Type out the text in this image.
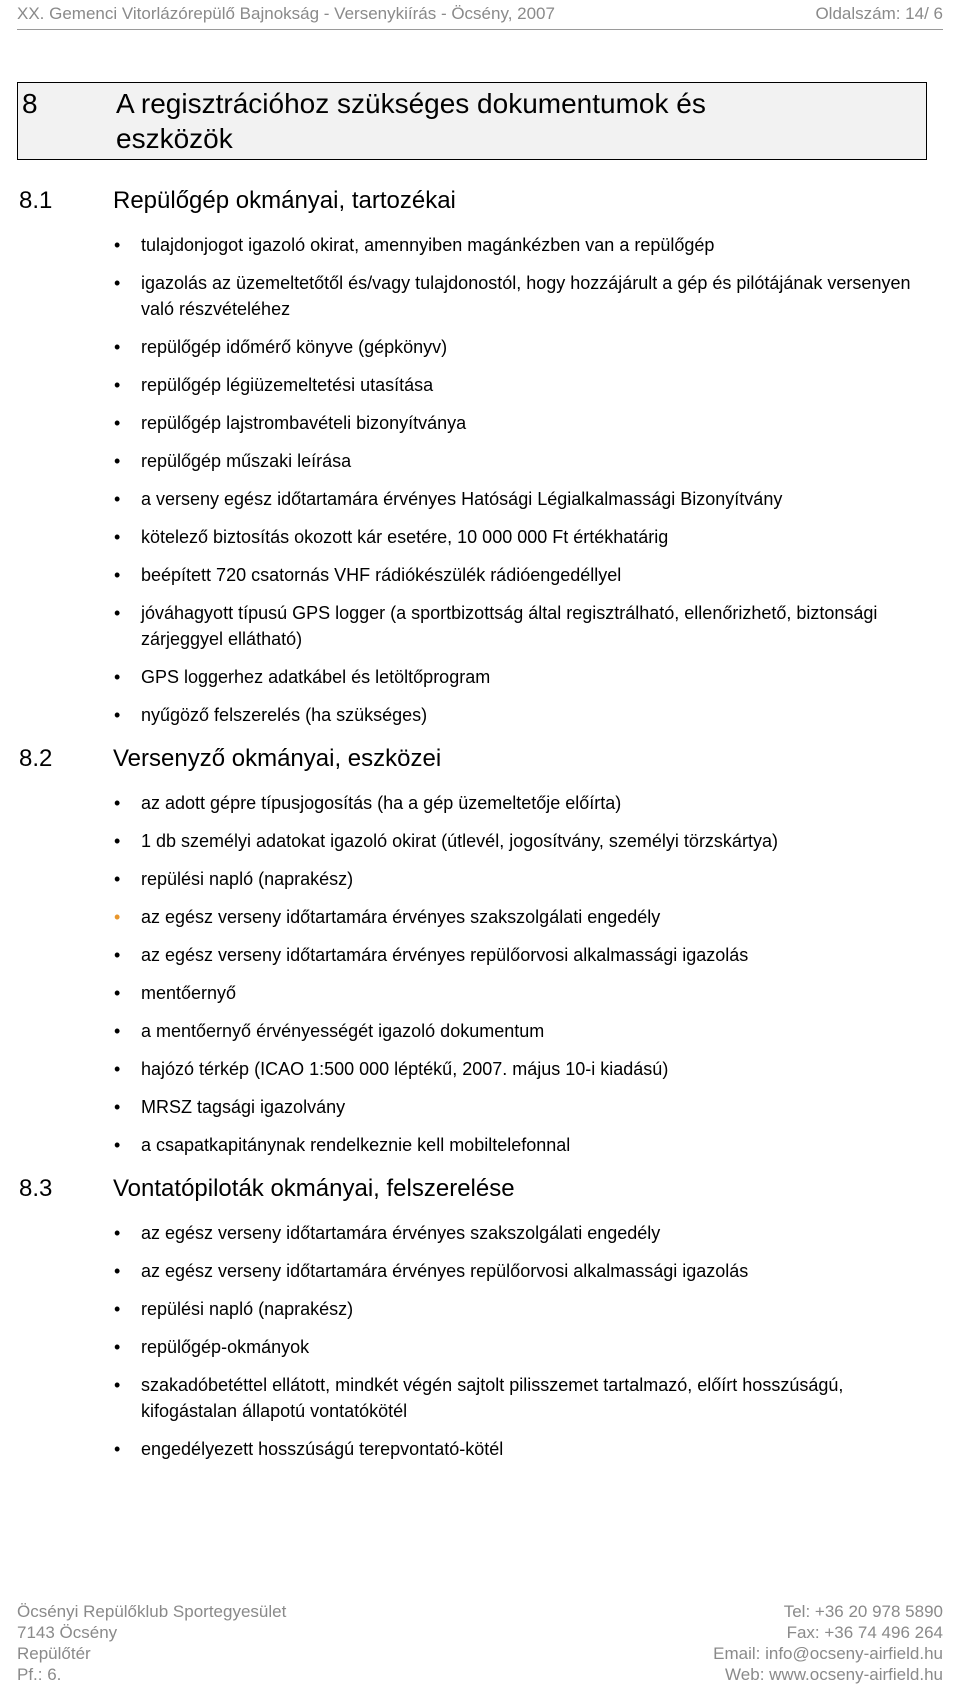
XX. Gemenci Vitorlázórepülő Bajnokság - Versenykiírás - Öcsény, 2007	Oldalszám: 14/ 6
8	A regisztrációhoz szükséges dokumentumok és eszközök
8.1	Repülőgép okmányai, tartozékai
• tulajdonjogot igazoló okirat, amennyiben magánkézben van a repülőgép
• igazolás az üzemeltetőtől és/vagy tulajdonostól, hogy hozzájárult a gép és pilótájának versenyen való részvételéhez
• repülőgép időmérő könyve (gépkönyv)
• repülőgép légiüzemeltetési utasítása
• repülőgép lajstrombavételi bizonyítványa
• repülőgép műszaki leírása
• a verseny egész időtartamára érvényes Hatósági Légialkalmassági Bizonyítvány
• kötelező biztosítás okozott kár esetére, 10 000 000 Ft értékhatárig
• beépített 720 csatornás VHF rádiókészülék rádióengedéllyel
• jóváhagyott típusú GPS logger (a sportbizottság által regisztrálható, ellenőrizhető, biztonsági zárjeggyel ellátható)
• GPS loggerhez adatkábel és letöltőprogram
• nyűgöző felszerelés (ha szükséges)
8.2	Versenyző okmányai, eszközei
• az adott gépre típusjogosítás (ha a gép üzemeltetője előírta)
• 1 db személyi adatokat igazoló okirat (útlevél, jogosítvány, személyi törzskártya)
• repülési napló (naprakész)
• az egész verseny időtartamára érvényes szakszolgálati engedély
• az egész verseny időtartamára érvényes repülőorvosi alkalmassági igazolás
• mentőernyő
• a mentőernyő érvényességét igazoló dokumentum
• hajózó térkép (ICAO 1:500 000 léptékű, 2007. május 10-i kiadású)
• MRSZ tagsági igazolvány
• a csapatkapitánynak rendelkeznie kell mobiltelefonnal
8.3	Vontatópiloták okmányai, felszerelése
• az egész verseny időtartamára érvényes szakszolgálati engedély
• az egész verseny időtartamára érvényes repülőorvosi alkalmassági igazolás
• repülési napló (naprakész)
• repülőgép-okmányok
• szakadóbetéttel ellátott, mindkét végén sajtolt pilisszemet tartalmazó, előírt hosszúságú, kifogástalan állapotú vontatókötél
• engedélyezett hosszúságú terepvontató-kötél
Öcsényi Repülőklub Sportegyesület
7143 Öcsény
Repülőtér
Pf.: 6.
Tel: +36 20 978 5890
Fax: +36 74 496 264
Email: info@ocseny-airfield.hu
Web: www.ocseny-airfield.hu
